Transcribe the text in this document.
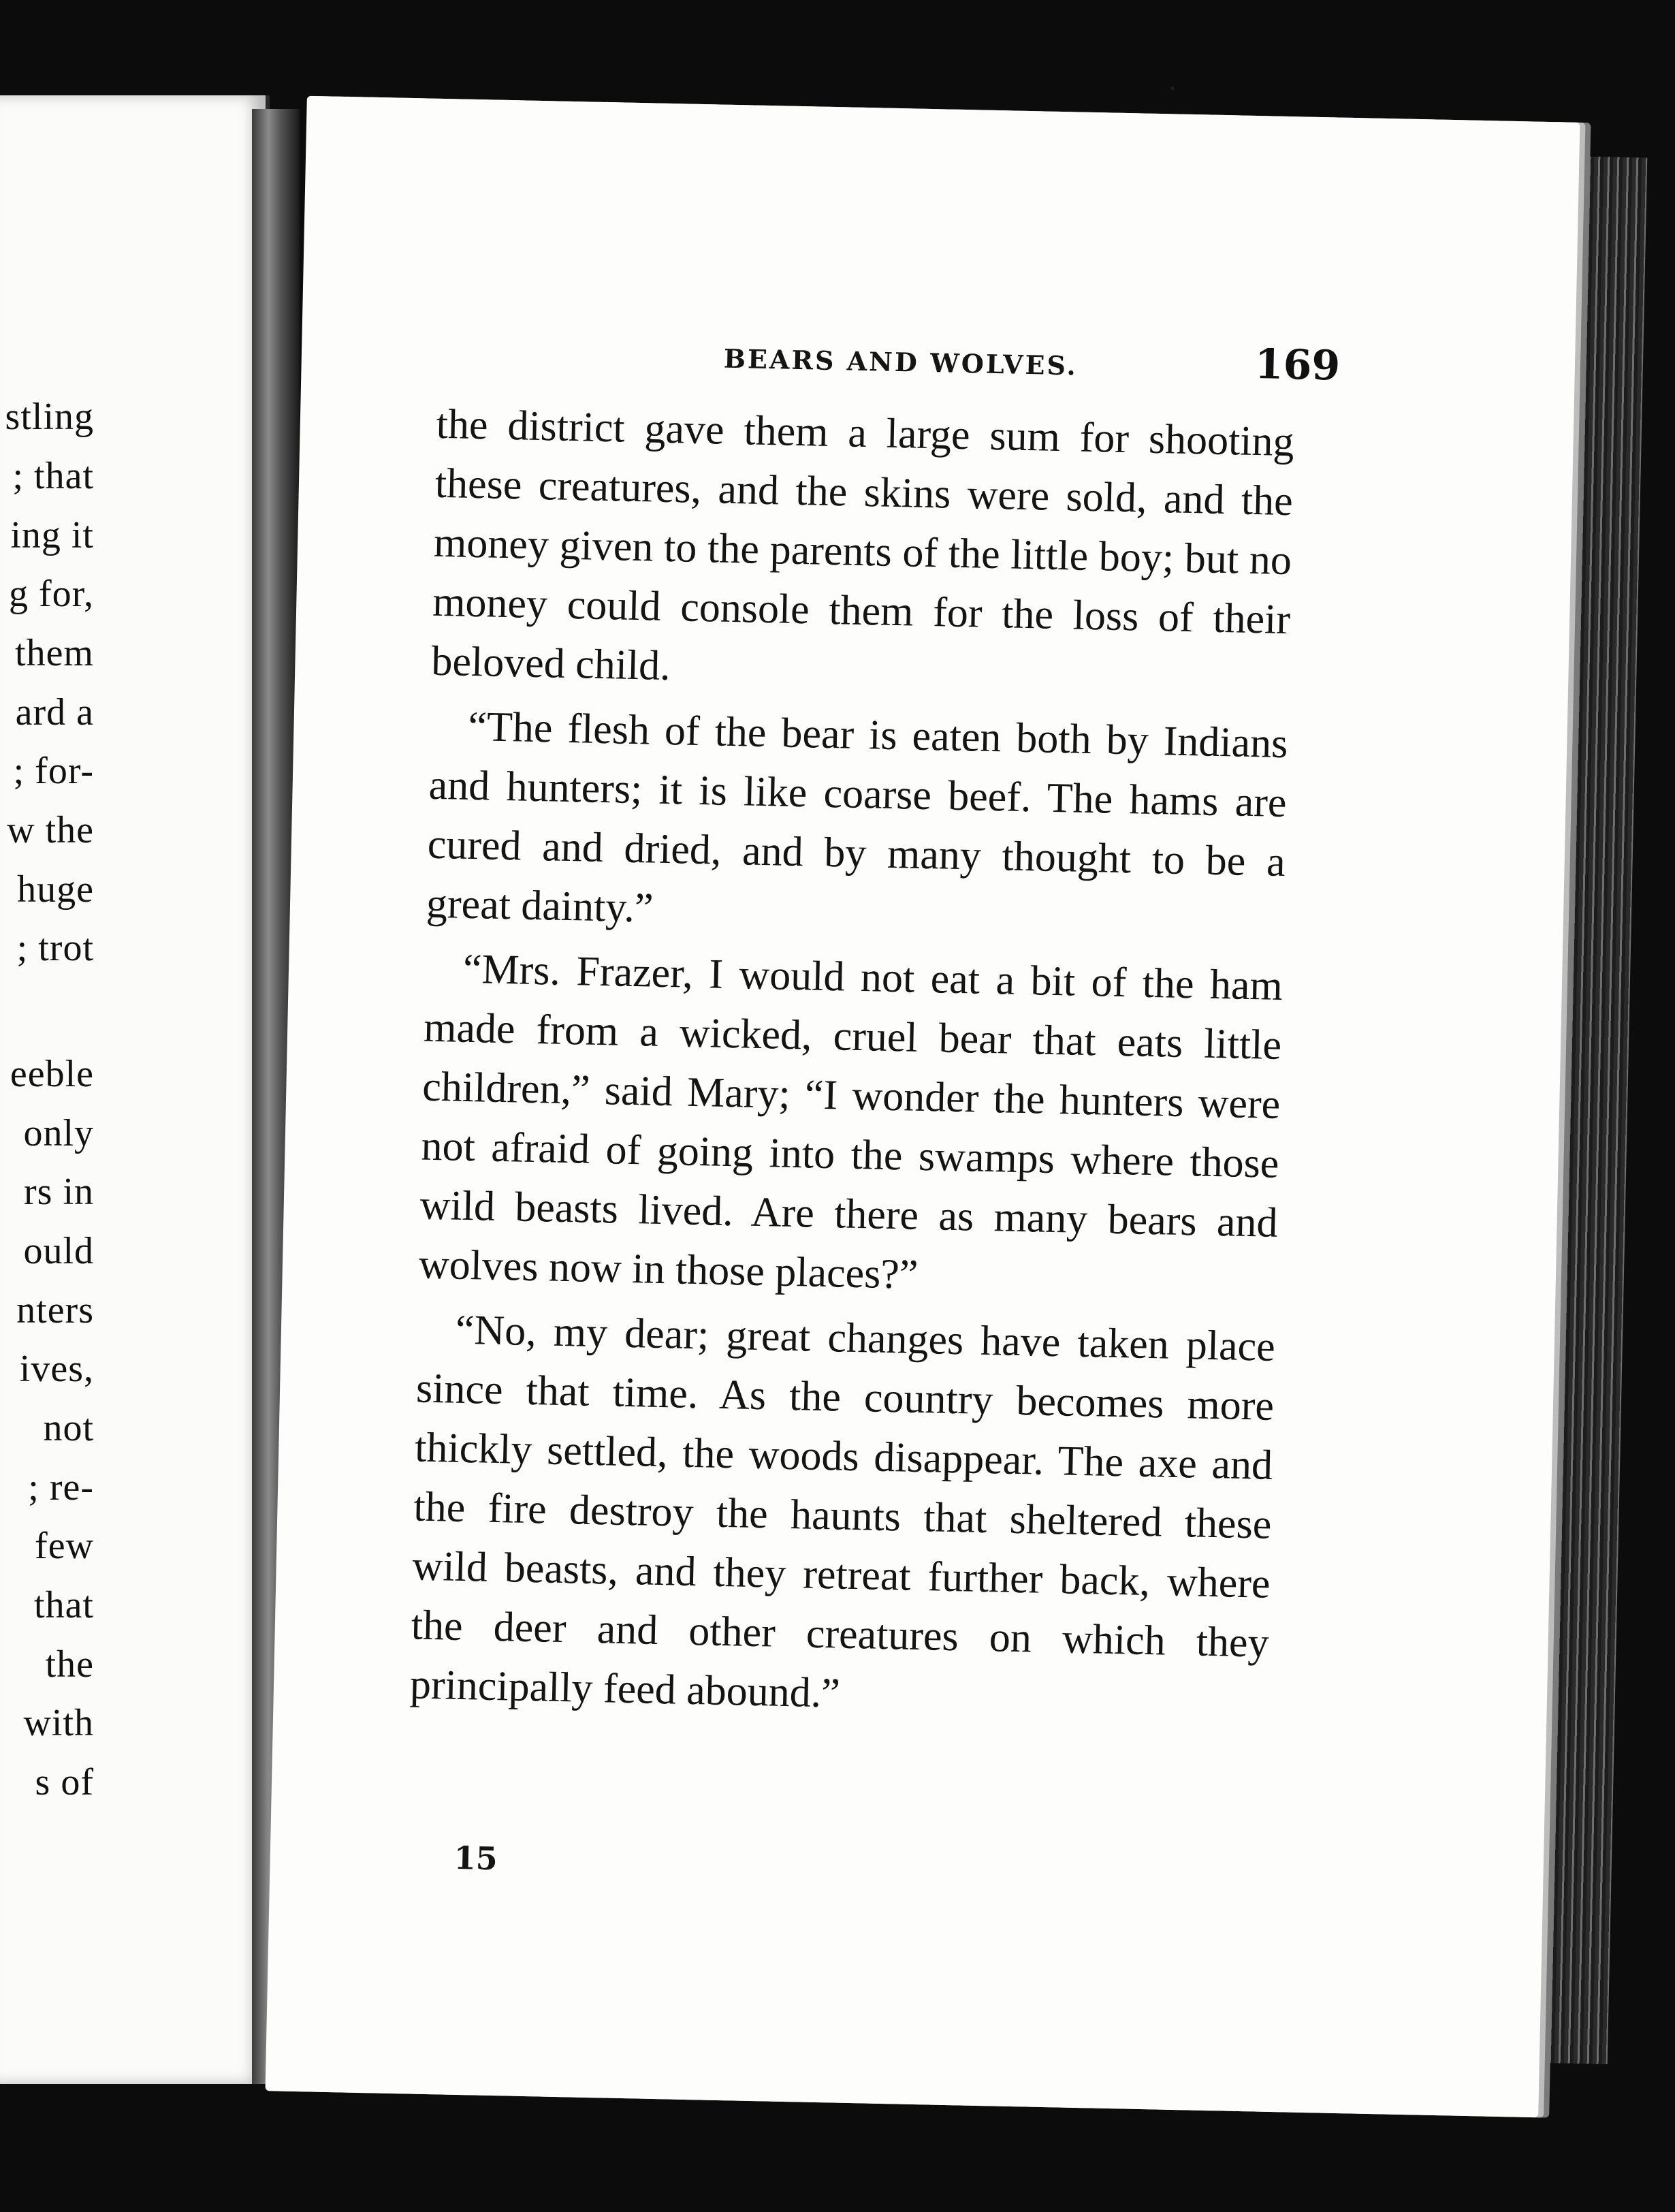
stling
; that
ing it
g for,
them
ard a
; for-
w the
huge
; trot
eeble
only
rs in
ould
nters
ives,
not
; re-
few
that
the
with
s of
BEARS AND WOLVES.	169

the district gave them a large sum for shooting these creatures, and the skins were sold, and the money given to the parents of the little boy; but no money could console them for the loss of their beloved child.

“The flesh of the bear is eaten both by Indians and hunters; it is like coarse beef. The hams are cured and dried, and by many thought to be a great dainty.”

“Mrs. Frazer, I would not eat a bit of the ham made from a wicked, cruel bear that eats little children,” said Mary; “I wonder the hunters were not afraid of going into the swamps where those wild beasts lived. Are there as many bears and wolves now in those places?”

“No, my dear; great changes have taken place since that time. As the country becomes more thickly settled, the woods disappear. The axe and the fire destroy the haunts that sheltered these wild beasts, and they retreat further back, where the deer and other creatures on which they principally feed abound.”

15
